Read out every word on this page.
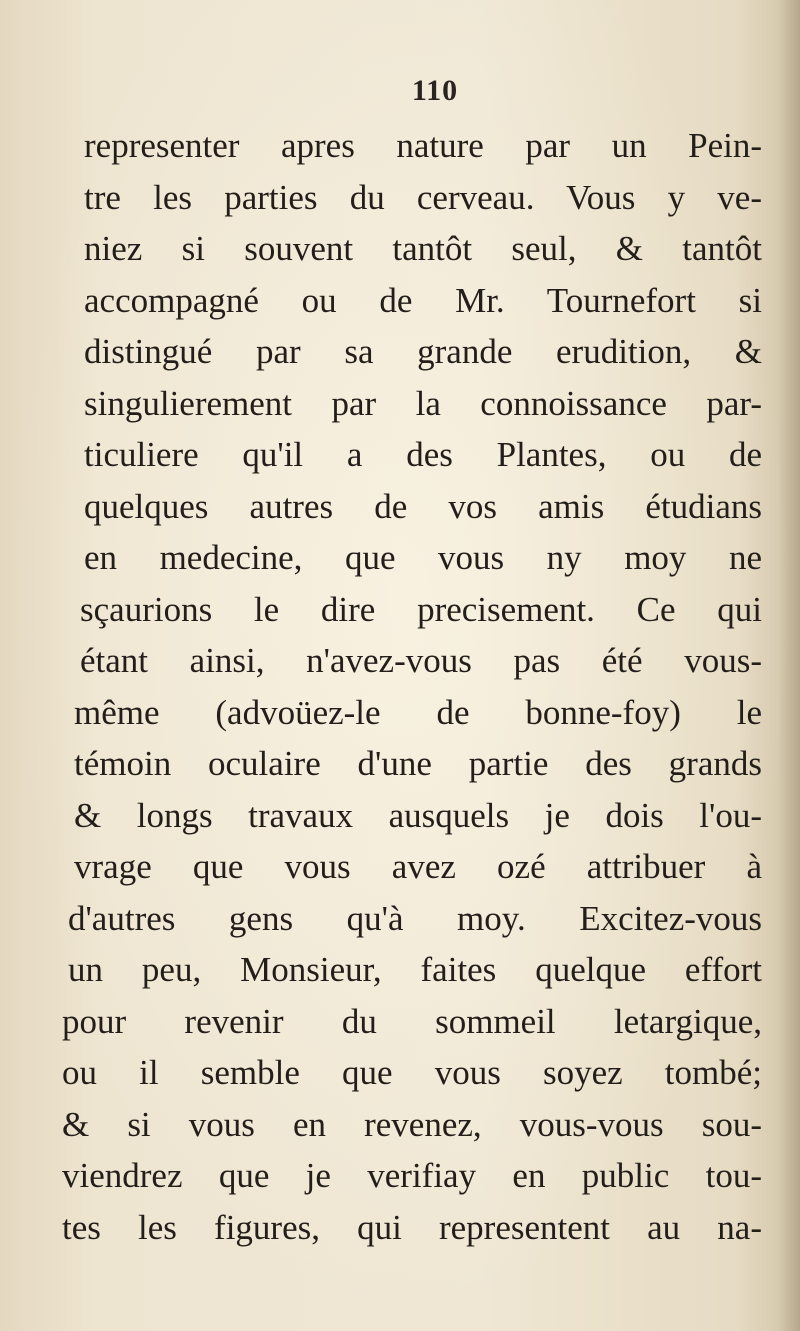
110
representer apres nature par un Pein-
tre les parties du cerveau. Vous y ve-
niez si souvent tantôt seul, & tantôt
accompagné ou de Mr. Tournefort si
distingué par sa grande erudition, &
singulierement par la connoissance par-
ticuliere qu'il a des Plantes, ou de
quelques autres de vos amis étudians
en medecine, que vous ny moy ne
sçaurions le dire precisement. Ce qui
étant ainsi, n'avez-vous pas été vous-
même (advoüez-le de bonne-foy) le
témoin oculaire d'une partie des grands
& longs travaux ausquels je dois l'ou-
vrage que vous avez ozé attribuer à
d'autres gens qu'à moy. Excitez-vous
un peu, Monsieur, faites quelque effort
pour revenir du sommeil letargique,
ou il semble que vous soyez tombé;
& si vous en revenez, vous-vous sou-
viendrez que je verifiay en public tou-
tes les figures, qui representent au na-
